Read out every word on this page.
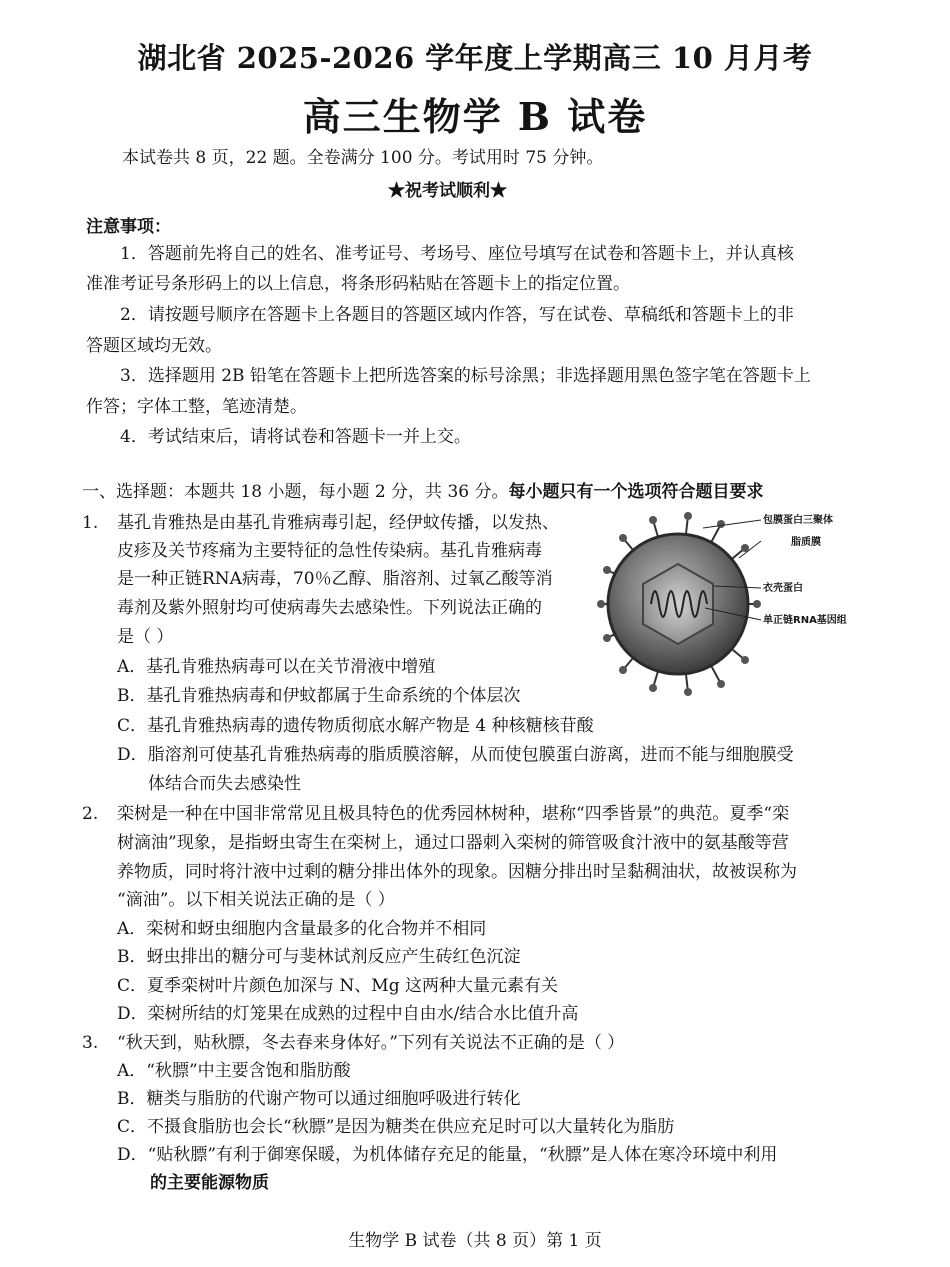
湖北省 2025-2026 学年度上学期高三 10 月月考
高三生物学 B 试卷
本试卷共 8 页，22 题。全卷满分 100 分。考试用时 75 分钟。
★祝考试顺利★
注意事项：
1．答题前先将自己的姓名、准考证号、考场号、座位号填写在试卷和答题卡上，并认真核
准准考证号条形码上的以上信息，将条形码粘贴在答题卡上的指定位置。
2．请按题号顺序在答题卡上各题目的答题区域内作答，写在试卷、草稿纸和答题卡上的非
答题区域均无效。
3．选择题用 2B 铅笔在答题卡上把所选答案的标号涂黑；非选择题用黑色签字笔在答题卡上
作答；字体工整，笔迹清楚。
4．考试结束后，请将试卷和答题卡一并上交。
一、选择题：本题共 18 小题，每小题 2 分，共 36 分。每小题只有一个选项符合题目要求
1. 基孔肯雅热是由基孔肯雅病毒引起，经伊蚊传播，以发热、
皮疹及关节疼痛为主要特征的急性传染病。基孔肯雅病毒
是一种正链RNA病毒，70％乙醇、脂溶剂、过氧乙酸等消
毒剂及紫外照射均可使病毒失去感染性。下列说法正确的
是（ ）
A．基孔肯雅热病毒可以在关节滑液中增殖
B．基孔肯雅热病毒和伊蚊都属于生命系统的个体层次
C．基孔肯雅热病毒的遗传物质彻底水解产物是 4 种核糖核苷酸
D．脂溶剂可使基孔肯雅热病毒的脂质膜溶解，从而使包膜蛋白游离，进而不能与细胞膜受
体结合而失去感染性
包膜蛋白三聚体
脂质膜
衣壳蛋白
单正链RNA基因组
2. 栾树是一种在中国非常常见且极具特色的优秀园林树种，堪称“四季皆景”的典范。夏季“栾
树滴油”现象，是指蚜虫寄生在栾树上，通过口器刺入栾树的筛管吸食汁液中的氨基酸等营
养物质，同时将汁液中过剩的糖分排出体外的现象。因糖分排出时呈黏稠油状，故被误称为
“滴油”。以下相关说法正确的是（ ）
A．栾树和蚜虫细胞内含量最多的化合物并不相同
B．蚜虫排出的糖分可与斐林试剂反应产生砖红色沉淀
C．夏季栾树叶片颜色加深与 N、Mg 这两种大量元素有关
D．栾树所结的灯笼果在成熟的过程中自由水/结合水比值升高
3. “秋天到，贴秋膘，冬去春来身体好。”下列有关说法不正确的是（ ）
A．“秋膘”中主要含饱和脂肪酸
B．糖类与脂肪的代谢产物可以通过细胞呼吸进行转化
C．不摄食脂肪也会长“秋膘”是因为糖类在供应充足时可以大量转化为脂肪
D．“贴秋膘”有利于御寒保暖，为机体储存充足的能量，“秋膘”是人体在寒冷环境中利用
的主要能源物质
生物学 B 试卷（共 8 页）第 1 页
